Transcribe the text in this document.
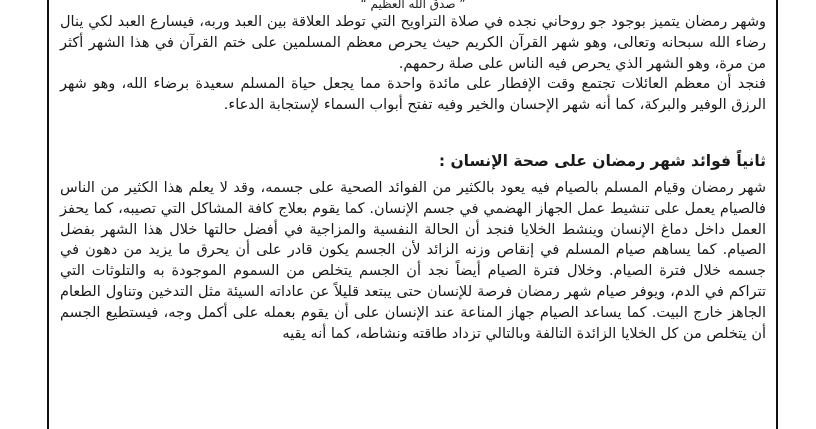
” صدق الله العظيم “

وشهر رمضان يتميز بوجود جو روحاني نجده في صلاة التراويح التي توطد العلاقة بين العبد وربه، فيسارع العبد لكي ينال رضاء الله سبحانه وتعالى، وهو شهر القرآن الكريم حيث يحرص معظم المسلمين على ختم القرآن في هذا الشهر أكثر من مرة، وهو الشهر الذي يحرص فيه الناس على صلة رحمهم.

فنجد أن معظم العائلات تجتمع وقت الإفطار على مائدة واحدة مما يجعل حياة المسلم سعيدة برضاء الله، وهو شهر الرزق الوفير والبركة، كما أنه شهر الإحسان والخير وفيه تفتح أبواب السماء لإستجابة الدعاء.

ثانياً فوائد شهر رمضان على صحة الإنسان :

شهر رمضان وقيام المسلم بالصيام فيه يعود بالكثير من الفوائد الصحية على جسمه، وقد لا يعلم هذا الكثير من الناس فالصيام يعمل على تنشيط عمل الجهاز الهضمي في جسم الإنسان. كما يقوم بعلاج كافة المشاكل التي تصيبه، كما يحفز العمل داخل دماغ الإنسان وينشط الخلايا فنجد أن الحالة النفسية والمزاجية في أفضل حالتها خلال هذا الشهر بفضل الصيام. كما يساهم صيام المسلم في إنقاص وزنه الزائد لأن الجسم يكون قادر على أن يحرق ما يزيد من دهون في جسمه خلال فترة الصيام. وخلال فترة الصيام أيضاً نجد أن الجسم يتخلص من السموم الموجودة به والتلوثات التي تتراكم في الدم، ويوفر صيام شهر رمضان فرصة للإنسان حتى يبتعد قليلاً عن عاداته السيئة مثل التدخين وتناول الطعام الجاهز خارج البيت. كما يساعد الصيام جهاز المناعة عند الإنسان على أن يقوم بعمله على أكمل وجه، فيستطيع الجسم أن يتخلص من كل الخلايا الزائدة التالفة وبالتالي تزداد طاقته ونشاطه، كما أنه يقيه
